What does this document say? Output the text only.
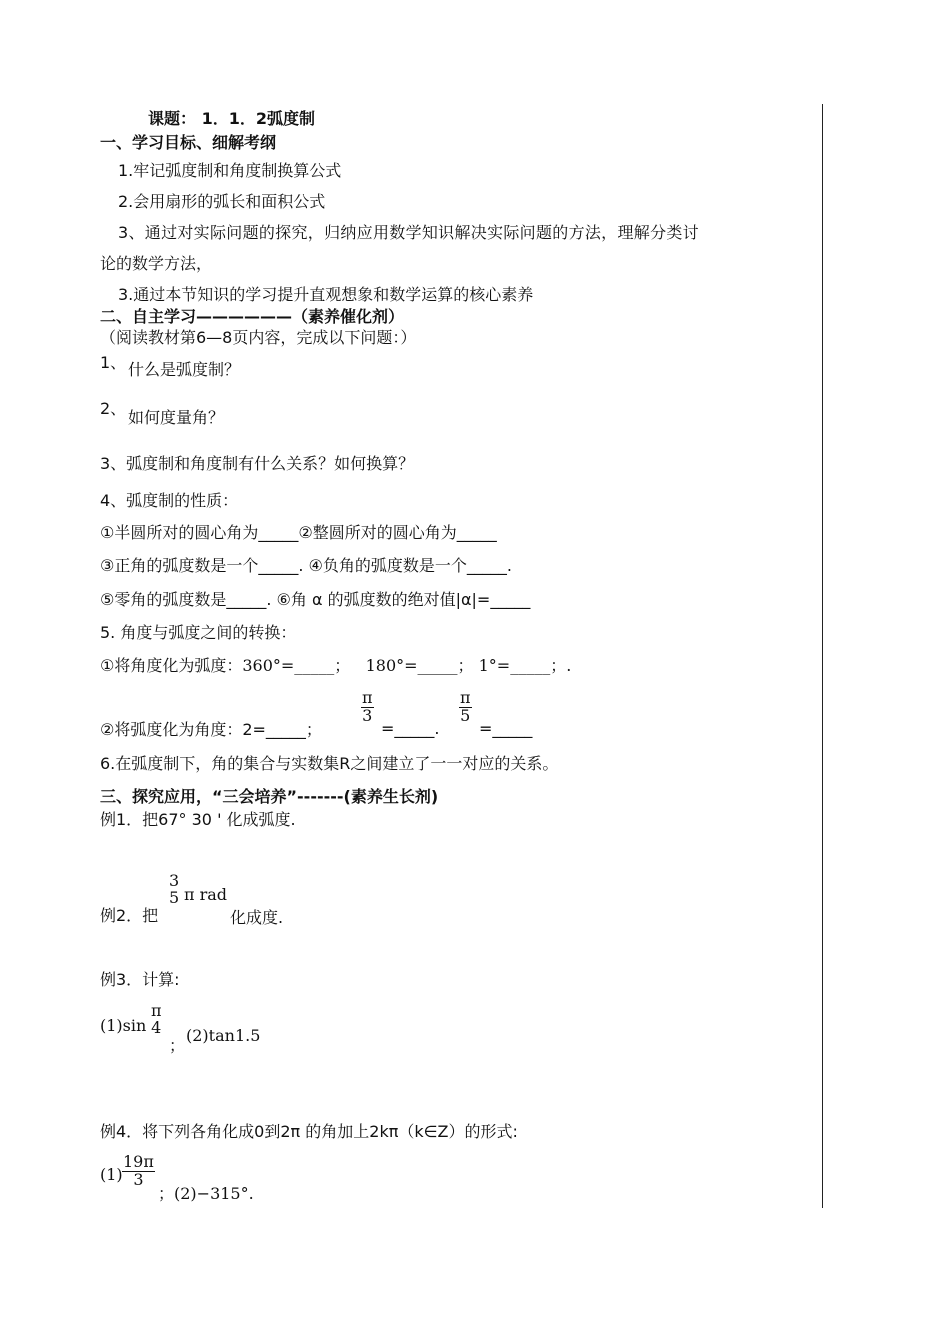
课题： 1．1．2弧度制
一、学习目标、细解考纲
1.牢记弧度制和角度制换算公式
2.会用扇形的弧长和面积公式
3、通过对实际问题的探究，归纳应用数学知识解决实际问题的方法，理解分类讨
论的数学方法，
3.通过本节知识的学习提升直观想象和数学运算的核心素养
二、自主学习——————（素养催化剂）
（阅读教材第6—8页内容，完成以下问题：）
1、 什么是弧度制？
2、 如何度量角？
3、弧度制和角度制有什么关系？如何换算？
4、弧度制的性质：
①半圆所对的圆心角为_____②整圆所对的圆心角为_____
③正角的弧度数是一个_____. ④负角的弧度数是一个_____.
⑤零角的弧度数是_____. ⑥角 α 的弧度数的绝对值|α|=_____
5. 角度与弧度之间的转换：
①将角度化为弧度：360°=_____； 180°=_____； 1°=_____；.
②将弧度化为角度：2=_____；
$\frac{\pi}{3}$
=_____.
$\frac{\pi}{5}$
=_____
6.在弧度制下，角的集合与实数集R之间建立了一一对应的关系。
三、探究应用，“三会培养”-------(素养生长剂)
例1．把67° 30 ' 化成弧度.
例2．把
3
5 π rad
化成度.
例3．计算:
(1)sin
π
4
；
(2)tan1.5
例4．将下列各角化成0到2π 的角加上2kπ（k∈Z）的形式:
$(1) \frac{19\pi}{3}$
；(2)−315°.
